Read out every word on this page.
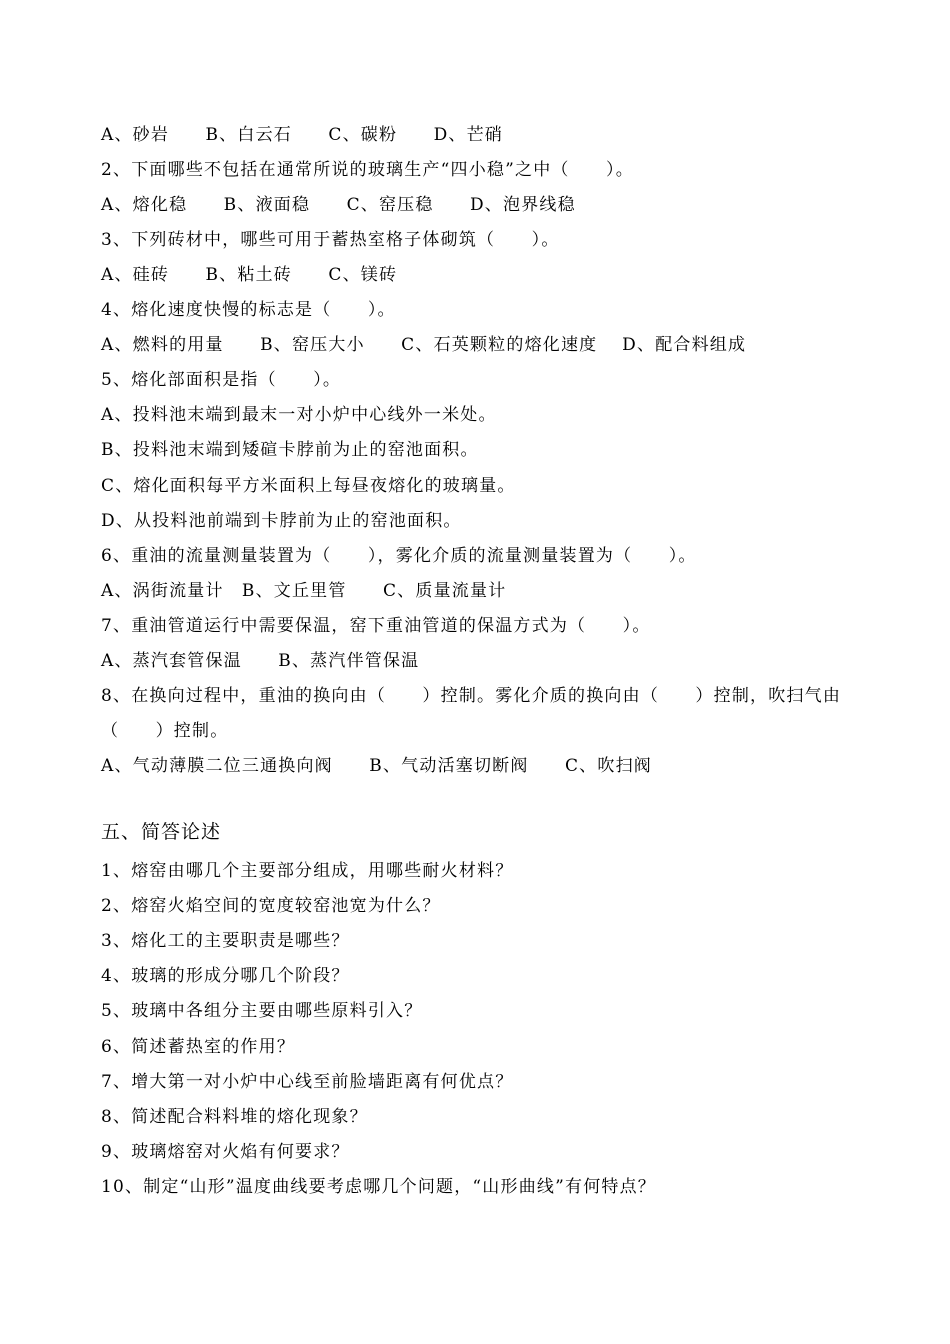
A、砂岩　　B、白云石　　C、碳粉　　D、芒硝
2、下面哪些不包括在通常所说的玻璃生产“四小稳”之中（　　）。
A、熔化稳　　B、液面稳　　C、窑压稳　　D、泡界线稳
3、下列砖材中，哪些可用于蓄热室格子体砌筑（　　）。
A、硅砖　　B、粘土砖　　C、镁砖
4、熔化速度快慢的标志是（　　）。
A、燃料的用量　　B、窑压大小　　C、石英颗粒的熔化速度　 D、配合料组成
5、熔化部面积是指（　　）。
A、投料池末端到最末一对小炉中心线外一米处。
B、投料池末端到矮碹卡脖前为止的窑池面积。
C、熔化面积每平方米面积上每昼夜熔化的玻璃量。
D、从投料池前端到卡脖前为止的窑池面积。
6、重油的流量测量装置为（　　），雾化介质的流量测量装置为（　　）。
A、涡街流量计　B、文丘里管　　C、质量流量计
7、重油管道运行中需要保温，窑下重油管道的保温方式为（　　）。
A、蒸汽套管保温　　B、蒸汽伴管保温
8、在换向过程中，重油的换向由（　　）控制。雾化介质的换向由（　　）控制，吹扫气由
（　　）控制。
A、气动薄膜二位三通换向阀　　B、气动活塞切断阀　　C、吹扫阀
五、简答论述
1、熔窑由哪几个主要部分组成，用哪些耐火材料？
2、熔窑火焰空间的宽度较窑池宽为什么？
3、熔化工的主要职责是哪些？
4、玻璃的形成分哪几个阶段？
5、玻璃中各组分主要由哪些原料引入？
6、简述蓄热室的作用？
7、增大第一对小炉中心线至前脸墙距离有何优点？
8、简述配合料料堆的熔化现象？
9、玻璃熔窑对火焰有何要求？
10、制定“山形”温度曲线要考虑哪几个问题，“山形曲线”有何特点？
